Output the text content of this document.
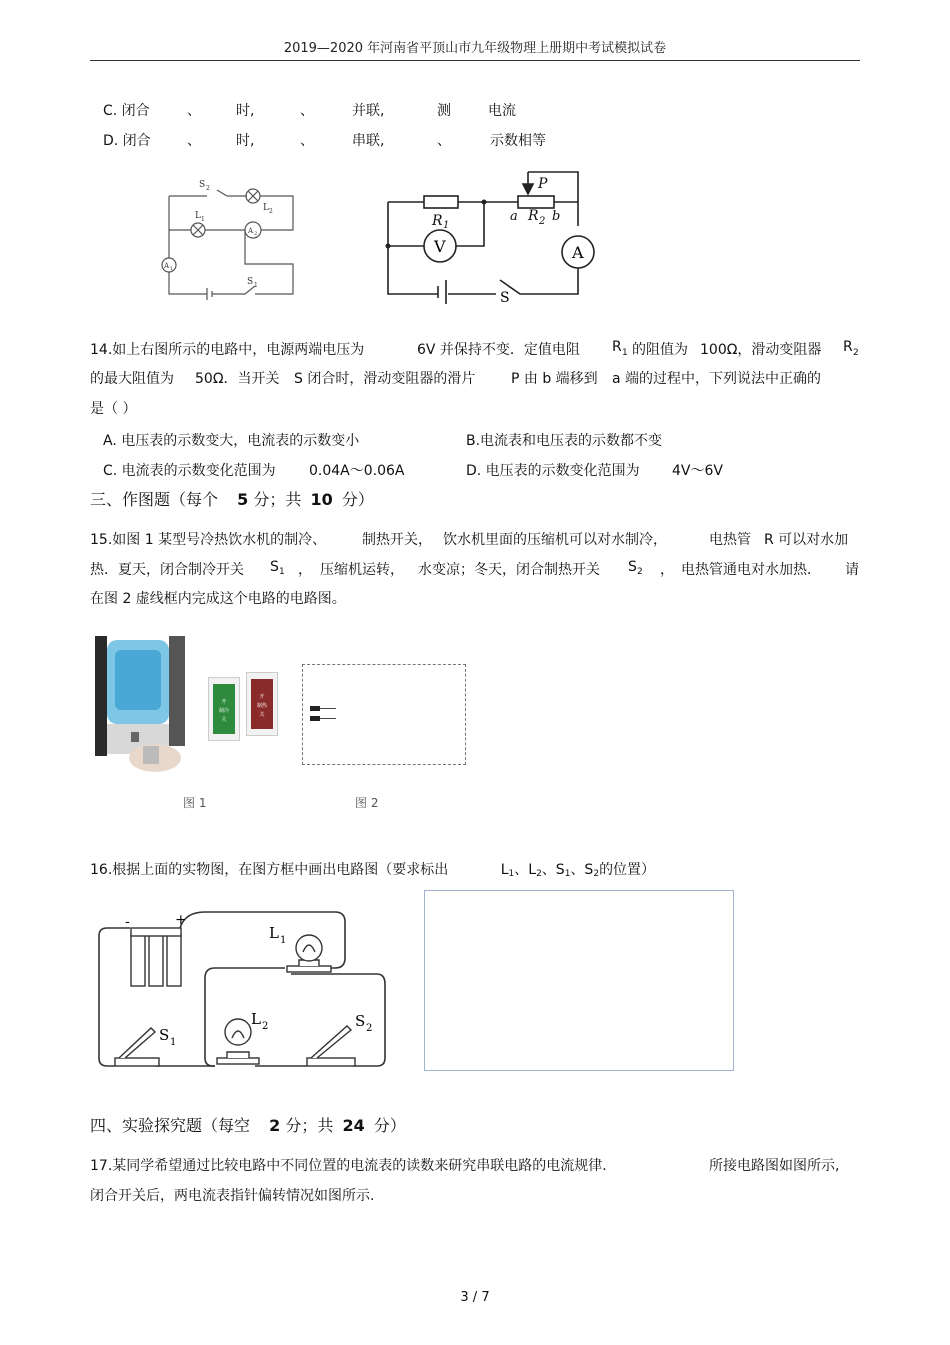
2019—2020 年河南省平顶山市九年级物理上册期中考试模拟试卷
C. 闭合	、	时,	、	并联,	测	电流
D. 闭合	、	时,	、	串联,	、	示数相等
S 2
L 2
L 1
A 1
A 2
S 1
R 1
P
a R 2 b
V	A
S
14.如上右图所示的电路中，电源两端电压为	6V 并保持不变．定值电阻 R 1 的阻值为 100Ω，滑动变阻器 R 2
的最大阻值为 50Ω．当开关 S 闭合时，滑动变阻器的滑片	P 由 b 端移到 a 端的过程中，下列说法中正确的
是（ ）
A. 电压表的示数变大，电流表的示数变小	B.电流表和电压表的示数都不变
C. 电流表的示数变化范围为 0.04A～0.06A	D. 电压表的示数变化范围为 4V～6V
三、作图题（每个 5 分；共 10 分）
15.如图 1 某型号冷热饮水机的制冷、	制热开关， 饮水机里面的压缩机可以对水制冷，	电热管 R 可以对水加
热．夏天，闭合制冷开关 S 1 ， 压缩机运转， 水变凉；冬天，闭合制热开关 S 2 ， 电热管通电对水加热． 请
在图 2 虚线框内完成这个电路的电路图。
开
制冷
关
开
制热
关
图 1	图 2
16.根据上面的实物图，在图方框中画出电路图（要求标出	$L_1$、$L_2$、$S_1$、$S_2$的位置）
-	+
L 1
L 2
S 1
S 2
四、实验探究题（每空 2 分；共 24 分）
17.某同学希望通过比较电路中不同位置的电流表的读数来研究串联电路的电流规律．	所接电路图如图所示,
闭合开关后，两电流表指针偏转情况如图所示.
3 / 7
